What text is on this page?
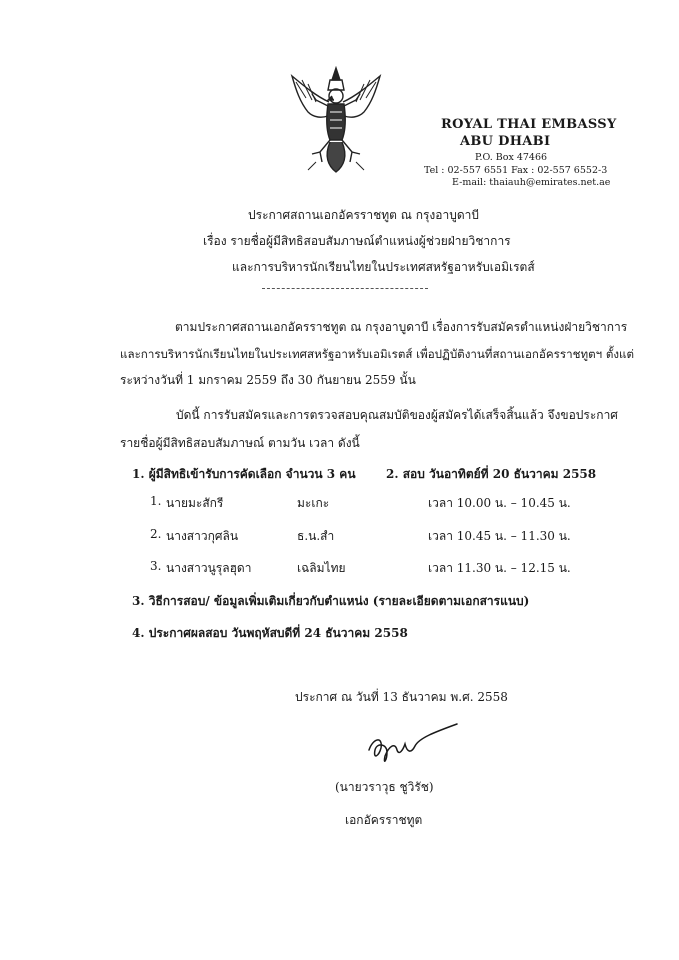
ROYAL THAI EMBASSY
ABU DHABI
P.O. Box 47466
Tel : 02-557 6551 Fax : 02-557 6552-3
E-mail: thaiauh@emirates.net.ae
ประกาศสถานเอกอัครราชทูต ณ กรุงอาบูดาบี
เรื่อง รายชื่อผู้มีสิทธิสอบสัมภาษณ์ตำแหน่งผู้ช่วยฝ่ายวิชาการ
และการบริหารนักเรียนไทยในประเทศสหรัฐอาหรับเอมิเรตส์
ตามประกาศสถานเอกอัครราชทูต ณ กรุงอาบูดาบี เรื่องการรับสมัครตำแหน่งฝ่ายวิชาการ
และการบริหารนักเรียนไทยในประเทศสหรัฐอาหรับเอมิเรตส์ เพื่อปฏิบัติงานที่สถานเอกอัครราชทูตฯ ตั้งแต่
ระหว่างวันที่ 1 มกราคม 2559 ถึง 30 กันยายน 2559 นั้น
บัดนี้ การรับสมัครและการตรวจสอบคุณสมบัติของผู้สมัครได้เสร็จสิ้นแล้ว จึงขอประกาศ
รายชื่อผู้มีสิทธิสอบสัมภาษณ์ ตามวัน เวลา ดังนี้
1. ผู้มีสิทธิเข้ารับการคัดเลือก จำนวน 3 คน	2. สอบ วันอาทิตย์ที่ 20 ธันวาคม 2558
1. นายมะสักรี	มะเกะ	เวลา 10.00 น. – 10.45 น.
2. นางสาวกุศลิน	ธ.น.สำ	เวลา 10.45 น. – 11.30 น.
3. นางสาวนูรุลฮุดา	เฉลิมไทย	เวลา 11.30 น. – 12.15 น.
3. วิธีการสอบ/ ข้อมูลเพิ่มเติมเกี่ยวกับตำแหน่ง (รายละเอียดตามเอกสารแนบ)
4. ประกาศผลสอบ วันพฤหัสบดีที่ 24 ธันวาคม 2558
ประกาศ ณ วันที่ 13 ธันวาคม พ.ศ. 2558
(นายวราวุธ ชูวิรัช)
เอกอัครราชทูต
